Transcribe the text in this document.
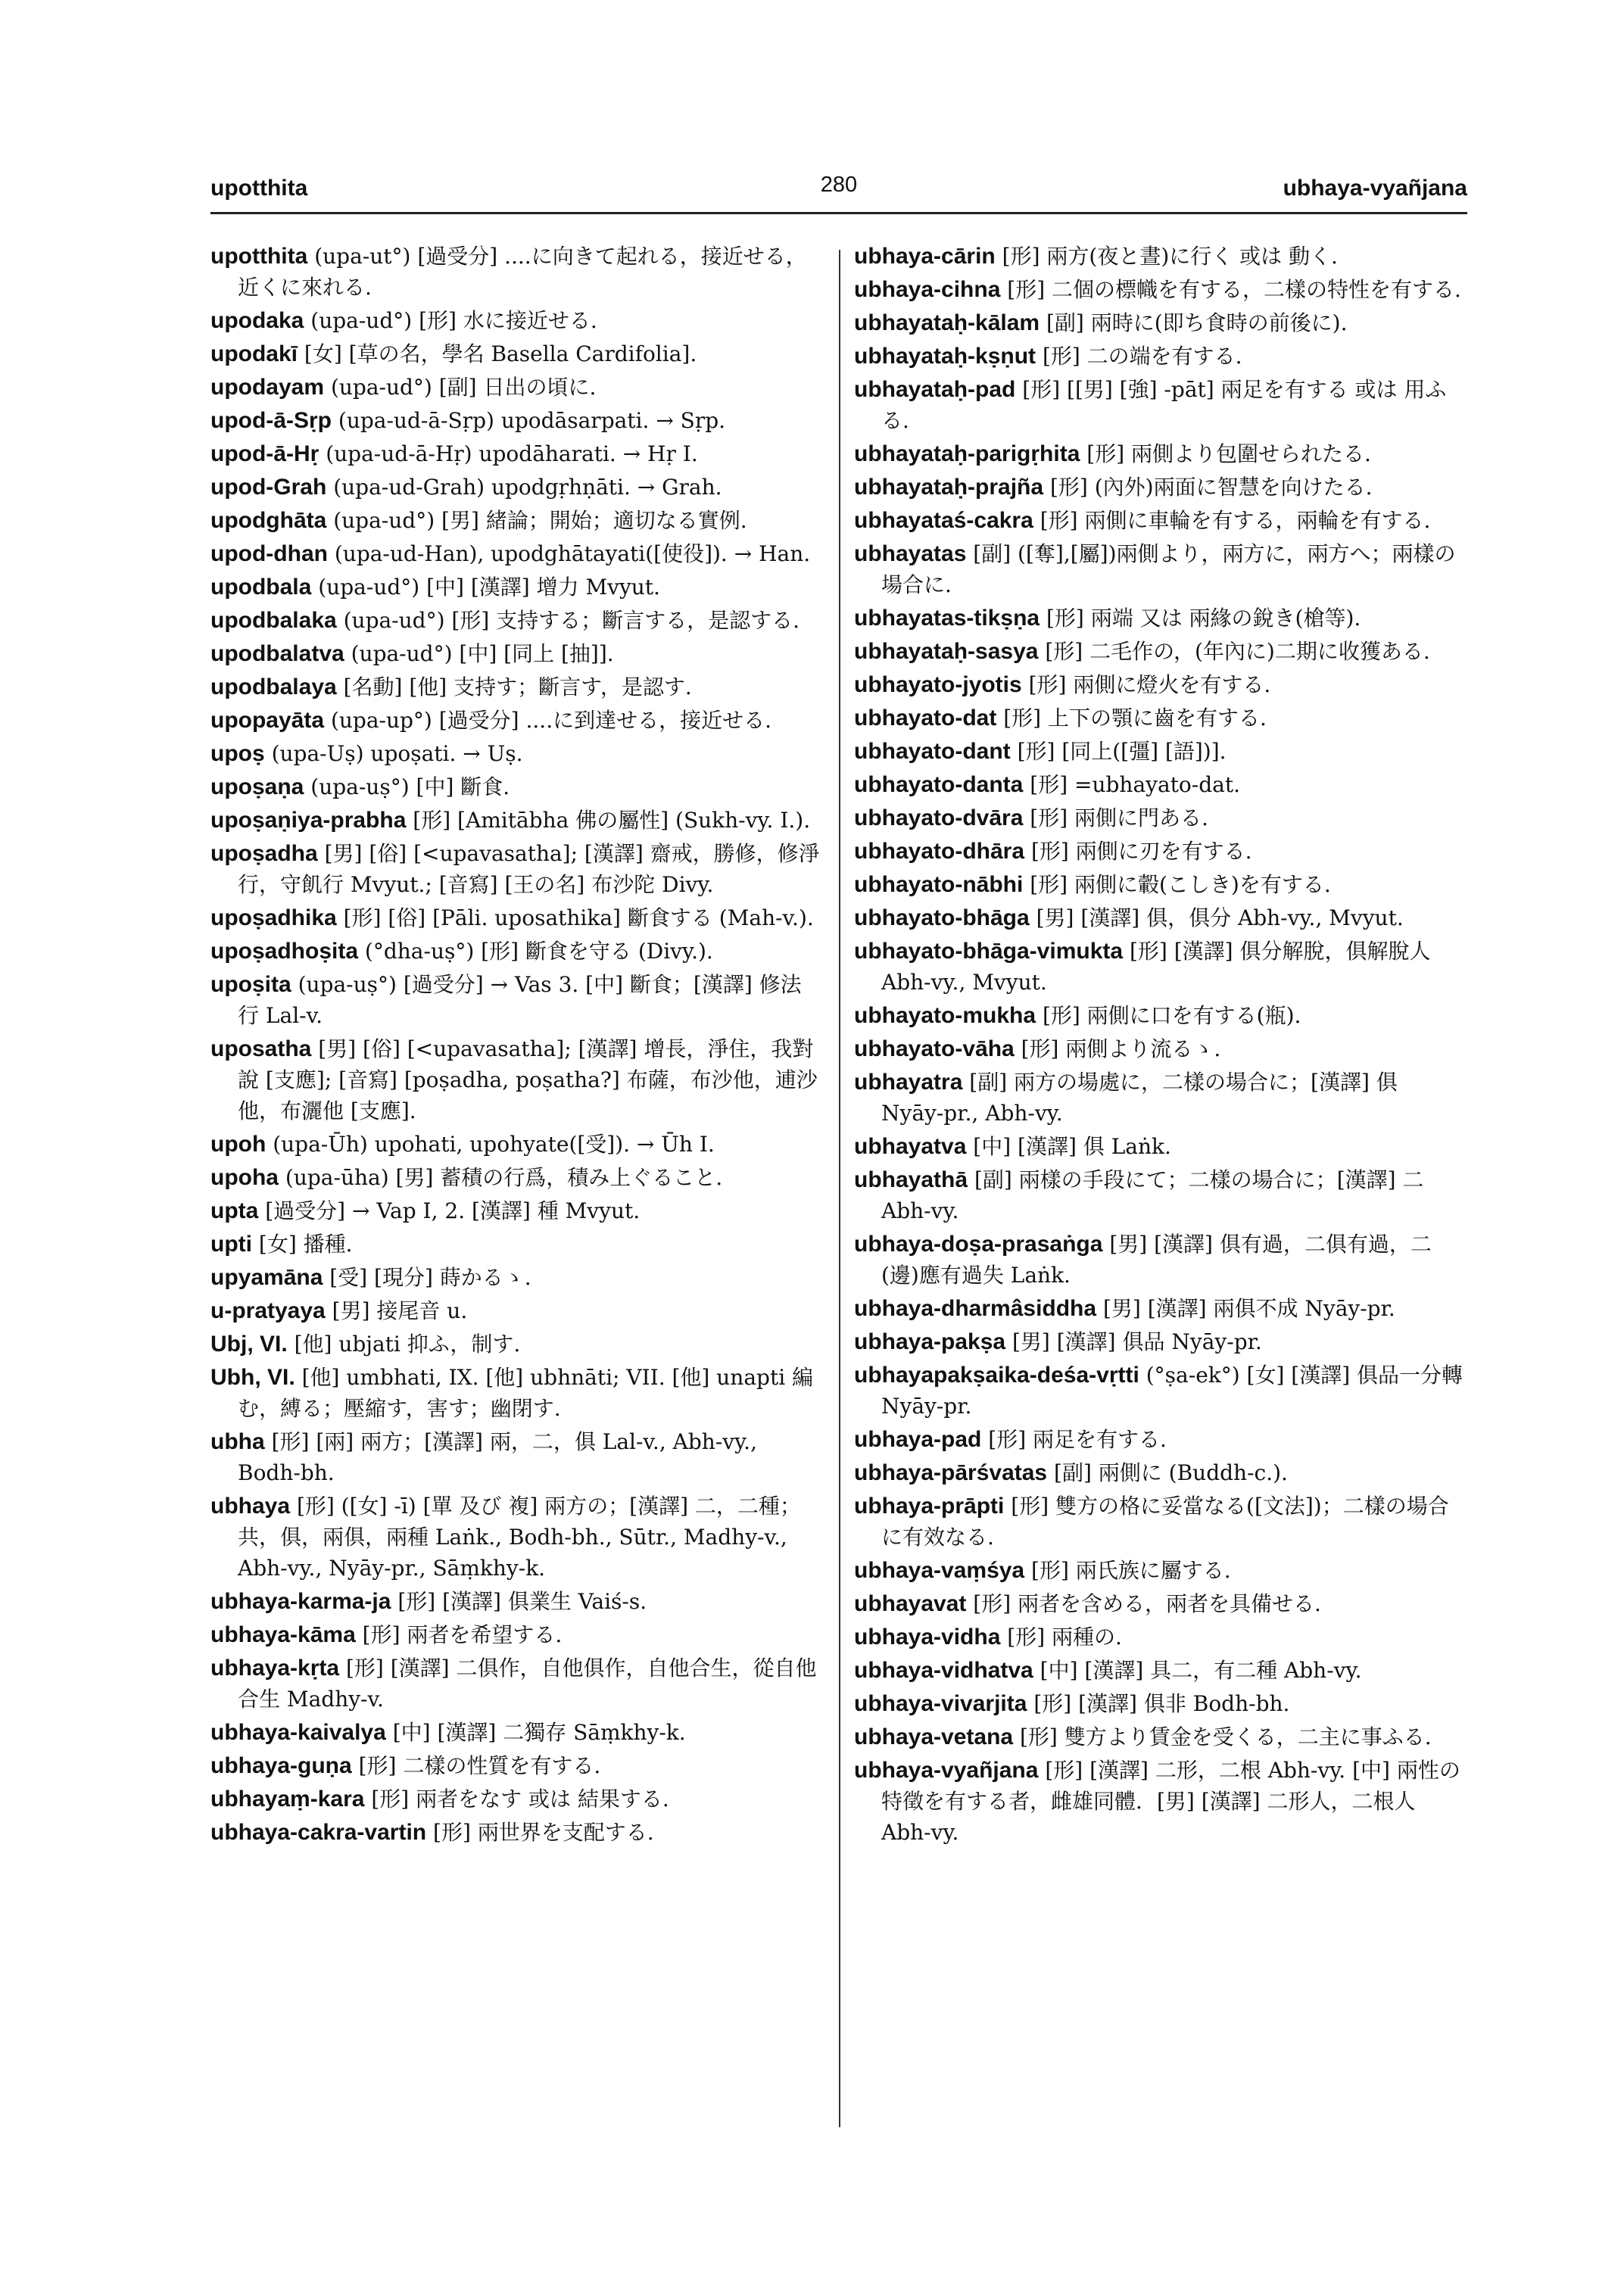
upotthita	280	ubhaya-vyañjana

upotthita (upa-ut°) [過受分] ....に向きて起れる，接近せる，近くに來れる.

upodaka (upa-ud°) [形] 水に接近せる.

upodakī [女] [草の名，學名 Basella Cardifolia].

upodayam (upa-ud°) [副] 日出の頃に.

upod-ā-Sṛp (upa-ud-ā-Sṛp) upodāsarpati. → Sṛp.

upod-ā-Hṛ (upa-ud-ā-Hṛ) upodāharati. → Hṛ I.

upod-Grah (upa-ud-Grah) upodgṛhṇāti. → Grah.

upodghāta (upa-ud°) [男] 緒論；開始；適切なる實例.

upod-dhan (upa-ud-Han), upodghātayati([使役]). → Han.

upodbala (upa-ud°) [中] [漢譯] 增力 Mvyut.

upodbalaka (upa-ud°) [形] 支持する；斷言する，是認する.

upodbalatva (upa-ud°) [中] [同上 [抽]].

upodbalaya [名動] [他] 支持す；斷言す，是認す.

upopayāta (upa-up°) [過受分] ....に到達せる，接近せる.

upoṣ (upa-Uṣ) upoṣati. → Uṣ.

upoṣaṇa (upa-uṣ°) [中] 斷食.

upoṣaṇiya-prabha [形] [Amitābha 佛の屬性] (Sukh-vy. I.).

upoṣadha [男] [俗] [<upavasatha]; [漢譯] 齋戒，勝修，修淨行，守飢行 Mvyut.; [音寫] [王の名] 布沙陀 Divy.

upoṣadhika [形] [俗] [Pāli. uposathika] 斷食する (Mah-v.).

upoṣadhoṣita (°dha-uṣ°) [形] 斷食を守る (Divy.).

upoṣita (upa-uṣ°) [過受分] → Vas 3. [中] 斷食；[漢譯] 修法行 Lal-v.

uposatha [男] [俗] [<upavasatha]; [漢譯] 增長，淨住，我對說 [支應]; [音寫] [poṣadha, poṣatha?] 布薩，布沙他，逋沙他，布灑他 [支應].

upoh (upa-Ūh) upohati, upohyate([受]). → Ūh I.

upoha (upa-ūha) [男] 蓄積の行爲，積み上ぐること.

upta [過受分] → Vap I, 2. [漢譯] 種 Mvyut.

upti [女] 播種.

upyamāna [受] [現分] 蒔かるゝ.

u-pratyaya [男] 接尾音 u.

Ubj, VI. [他] ubjati 抑ふ，制す.

Ubh, VI. [他] umbhati, IX. [他] ubhnāti; VII. [他] unapti 編む，縛る；壓縮す，害す；幽閉す.

ubha [形] [兩] 兩方；[漢譯] 兩，二，俱 Lal-v., Abh-vy., Bodh-bh.

ubhaya [形] ([女] -ī) [單 及び 複] 兩方の；[漢譯] 二，二種；共，俱，兩俱，兩種 Laṅk., Bodh-bh., Sūtr., Madhy-v., Abh-vy., Nyāy-pr., Sāṃkhy-k.

ubhaya-karma-ja [形] [漢譯] 俱業生 Vaiś-s.

ubhaya-kāma [形] 兩者を希望する.

ubhaya-kṛta [形] [漢譯] 二俱作，自他俱作，自他合生，從自他合生 Madhy-v.

ubhaya-kaivalya [中] [漢譯] 二獨存 Sāṃkhy-k.

ubhaya-guṇa [形] 二樣の性質を有する.

ubhayaṃ-kara [形] 兩者をなす 或は 結果する.

ubhaya-cakra-vartin [形] 兩世界を支配する.

ubhaya-cārin [形] 兩方(夜と晝)に行く 或は 動く.

ubhaya-cihna [形] 二個の標幟を有する，二樣の特性を有する.

ubhayataḥ-kālam [副] 兩時に(即ち食時の前後に).

ubhayataḥ-kṣṇut [形] 二の端を有する.

ubhayataḥ-pad [形] [[男] [強] -pāt] 兩足を有する 或は 用ふる.

ubhayataḥ-parigṛhita [形] 兩側より包圍せられたる.

ubhayataḥ-prajña [形] (內外)兩面に智慧を向けたる.

ubhayataś-cakra [形] 兩側に車輪を有する，兩輪を有する.

ubhayatas [副] ([奪],[屬])兩側より，兩方に，兩方へ；兩樣の場合に.

ubhayatas-tikṣṇa [形] 兩端 又は 兩緣の銳き(槍等).

ubhayataḥ-sasya [形] 二毛作の，(年內に)二期に收獲ある.

ubhayato-jyotis [形] 兩側に燈火を有する.

ubhayato-dat [形] 上下の顎に齒を有する.

ubhayato-dant [形] [同上([彊] [語])].

ubhayato-danta [形] =ubhayato-dat.

ubhayato-dvāra [形] 兩側に門ある.

ubhayato-dhāra [形] 兩側に刃を有する.

ubhayato-nābhi [形] 兩側に轂(こしき)を有する.

ubhayato-bhāga [男] [漢譯] 俱，俱分 Abh-vy., Mvyut.

ubhayato-bhāga-vimukta [形] [漢譯] 俱分解脫，俱解脫人 Abh-vy., Mvyut.

ubhayato-mukha [形] 兩側に口を有する(瓶).

ubhayato-vāha [形] 兩側より流るゝ.

ubhayatra [副] 兩方の場處に，二樣の場合に；[漢譯] 俱 Nyāy-pr., Abh-vy.

ubhayatva [中] [漢譯] 俱 Laṅk.

ubhayathā [副] 兩樣の手段にて；二樣の場合に；[漢譯] 二 Abh-vy.

ubhaya-doṣa-prasaṅga [男] [漢譯] 俱有過，二俱有過，二(邊)應有過失 Laṅk.

ubhaya-dharmâsiddha [男] [漢譯] 兩俱不成 Nyāy-pr.

ubhaya-pakṣa [男] [漢譯] 俱品 Nyāy-pr.

ubhayapakṣaika-deśa-vṛtti (°ṣa-ek°) [女] [漢譯] 俱品一分轉 Nyāy-pr.

ubhaya-pad [形] 兩足を有する.

ubhaya-pārśvatas [副] 兩側に (Buddh-c.).

ubhaya-prāpti [形] 雙方の格に妥當なる([文法])；二樣の場合に有效なる.

ubhaya-vaṃśya [形] 兩氏族に屬する.

ubhayavat [形] 兩者を含める，兩者を具備せる.

ubhaya-vidha [形] 兩種の.

ubhaya-vidhatva [中] [漢譯] 具二，有二種 Abh-vy.

ubhaya-vivarjita [形] [漢譯] 俱非 Bodh-bh.

ubhaya-vetana [形] 雙方より賃金を受くる，二主に事ふる.

ubhaya-vyañjana [形] [漢譯] 二形，二根 Abh-vy. [中] 兩性の特徵を有する者，雌雄同體．[男] [漢譯] 二形人，二根人 Abh-vy.
